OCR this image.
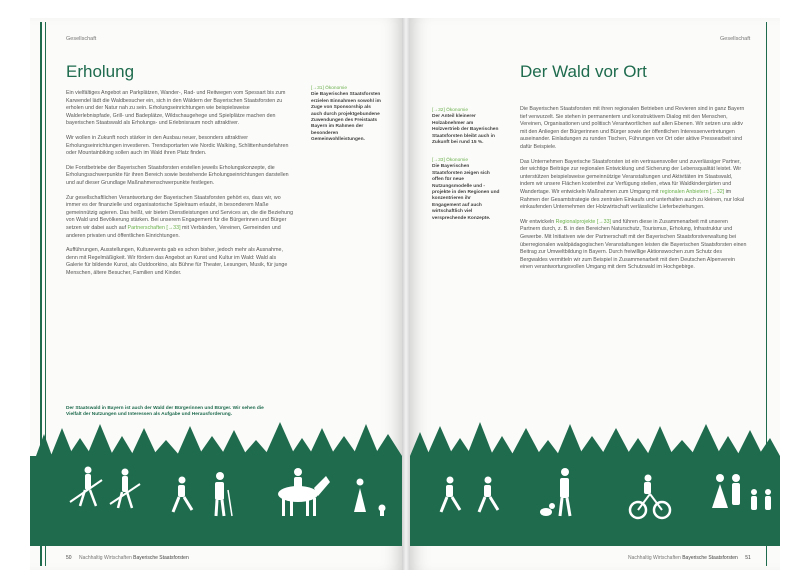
Gesellschaft
Erholung

Ein vielfältiges Angebot an Parkplätzen, Wander-, Rad- und Reitwegen vom Spessart bis zum Karwendel lädt die Waldbesucher ein, sich in den Wäldern der Bayerischen Staatsforsten zu erholen und der Natur nah zu sein. Erholungseinrichtungen wie beispielsweise Walderlebnispfade, Grill- und Badeplätze, Wildschaugehege und Spielplätze machen den bayerischen Staatswald als Erholungs- und Erlebnisraum noch attraktiver.

Wir wollen in Zukunft noch stärker in den Ausbau neuer, besonders attraktiver Erholungseinrichtungen investieren. Trendsportarten wie Nordic Walking, Schlittenhundefahren oder Mountainbiking sollen auch im Wald ihren Platz finden.

Die Forstbetriebe der Bayerischen Staatsforsten erstellen jeweils Erholungskonzepte, die Erholungsschwerpunkte für ihren Bereich sowie bestehende Erholungseinrichtungen darstellen und auf dieser Grundlage Maßnahmenschwerpunkte festlegen.

Zur gesellschaftlichen Verantwortung der Bayerischen Staatsforsten gehört es, dass wir, wo immer es der finanzielle und organisatorische Spielraum erlaubt, in besonderem Maße gemeinnützig agieren. Das heißt, wir bieten Dienstleistungen und Services an, die die Beziehung von Wald und Bevölkerung stärken. Bei unserem Engagement für die Bürgerinnen und Bürger setzen wir dabei auch auf Partnerschaften [→33] mit Verbänden, Vereinen, Gemeinden und anderen privaten und öffentlichen Einrichtungen.

Aufführungen, Ausstellungen, Kulturevents gab es schon bisher, jedoch mehr als Ausnahme, denn mit Regelmäßigkeit. Wir fördern das Angebot an Kunst und Kultur im Wald: Wald als Galerie für bildende Kunst, als Outdoorkino, als Bühne für Theater, Lesungen, Musik, für junge Menschen, ältere Besucher, Familien und Kinder.

[→31] Ökonomie
Die Bayerischen Staatsforsten erzielen Einnahmen sowohl im Zuge von Sponsorship als auch durch projektgebundene Zuwendungen des Freistaats Bayern im Rahmen der besonderen Gemeinwohlleistungen.
Der Staatswald in Bayern ist auch der Wald der Bürgerinnen und Bürger. Wir sehen die Vielfalt der Nutzungen und Interessen als Aufgabe und Herausforderung.
50 Nachhaltig Wirtschaften Bayerische Staatsforsten
Gesellschaft
Der Wald vor Ort
[→32] Ökonomie
Der Anteil kleinerer Holzabnehmer am Holzvertrieb der Bayerischen Staatsforsten bleibt auch in Zukunft bei rund 15 %.
[→33] Ökonomie
Die Bayerischen Staatsforsten zeigen sich offen für neue Nutzungsmodelle und -projekte in den Regionen und konzentrieren ihr Engagement auf auch wirtschaftlich viel versprechende Konzepte.

Die Bayerischen Staatsforsten mit ihren regionalen Betrieben und Revieren sind in ganz Bayern tief verwurzelt. Sie stehen in permanentem und konstruktivem Dialog mit den Menschen, Vereinen, Organisationen und politisch Verantwortlichen auf allen Ebenen. Wir setzen uns aktiv mit den Anliegen der Bürgerinnen und Bürger sowie der öffentlichen Interessenvertretungen auseinander. Einladungen zu runden Tischen, Führungen vor Ort oder aktive Pressearbeit sind dafür Beispiele.

Das Unternehmen Bayerische Staatsforsten ist ein vertrauensvoller und zuverlässiger Partner, der wichtige Beiträge zur regionalen Entwicklung und Sicherung der Lebensqualität leistet. Wir unterstützen beispielsweise gemeinnützige Veranstaltungen und Aktivitäten im Staatswald, indem wir unsere Flächen kostenfrei zur Verfügung stellen, etwa für Waldkindergärten und Wandertage. Wir entwickeln Maßnahmen zum Umgang mit regionalen Anbietern [→32] im Rahmen der Gesamtstrategie des zentralen Einkaufs und unterhalten auch zu kleinen, nur lokal einkaufenden Unternehmen der Holzwirtschaft verlässliche Lieferbeziehungen.

Wir entwickeln Regionalprojekte [→33] und führen diese in Zusammenarbeit mit unseren Partnern durch, z. B. in den Bereichen Naturschutz, Tourismus, Erholung, Infrastruktur und Gewerbe. Mit Initiativen wie der Partnerschaft mit der Bayerischen Staatsforstverwaltung bei überregionalen waldpädagogischen Veranstaltungen leisten die Bayerischen Staatsforsten einen Beitrag zur Umweltbildung in Bayern. Durch freiwillige Aktionswochen zum Schutz des Bergwaldes vermitteln wir zum Beispiel in Zusammenarbeit mit dem Deutschen Alpenverein einen verantwortungsvollen Umgang mit dem Schutzwald im Hochgebirge.

Nachhaltig Wirtschaften Bayerische Staatsforsten 51
